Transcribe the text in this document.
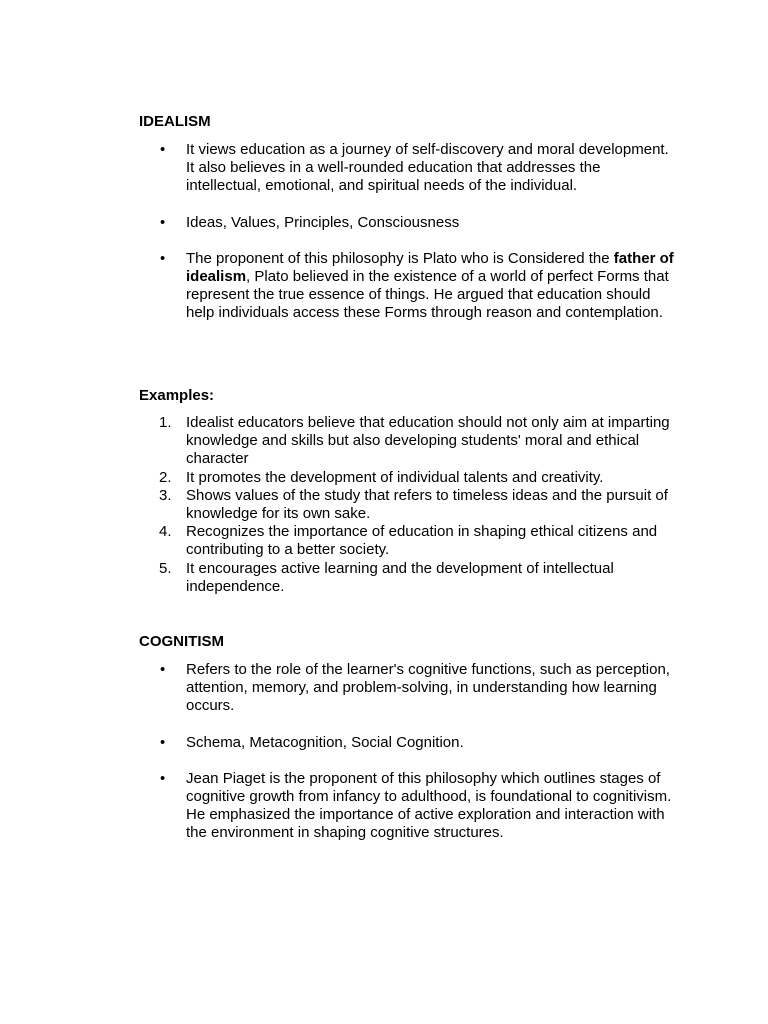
IDEALISM
•	It views education as a journey of self-discovery and moral development. It also believes in a well-rounded education that addresses the intellectual, emotional, and spiritual needs of the individual.
•	Ideas, Values, Principles, Consciousness
•	The proponent of this philosophy is Plato who is Considered the father of idealism, Plato believed in the existence of a world of perfect Forms that represent the true essence of things. He argued that education should help individuals access these Forms through reason and contemplation.
Examples:
1. Idealist educators believe that education should not only aim at imparting knowledge and skills but also developing students' moral and ethical character
2. It promotes the development of individual talents and creativity.
3. Shows values of the study that refers to timeless ideas and the pursuit of knowledge for its own sake.
4. Recognizes the importance of education in shaping ethical citizens and contributing to a better society.
5. It encourages active learning and the development of intellectual independence.
COGNITISM
•	Refers to the role of the learner's cognitive functions, such as perception, attention, memory, and problem-solving, in understanding how learning occurs.
•	Schema, Metacognition, Social Cognition.
•	Jean Piaget is the proponent of this philosophy which outlines stages of cognitive growth from infancy to adulthood, is foundational to cognitivism. He emphasized the importance of active exploration and interaction with the environment in shaping cognitive structures.
